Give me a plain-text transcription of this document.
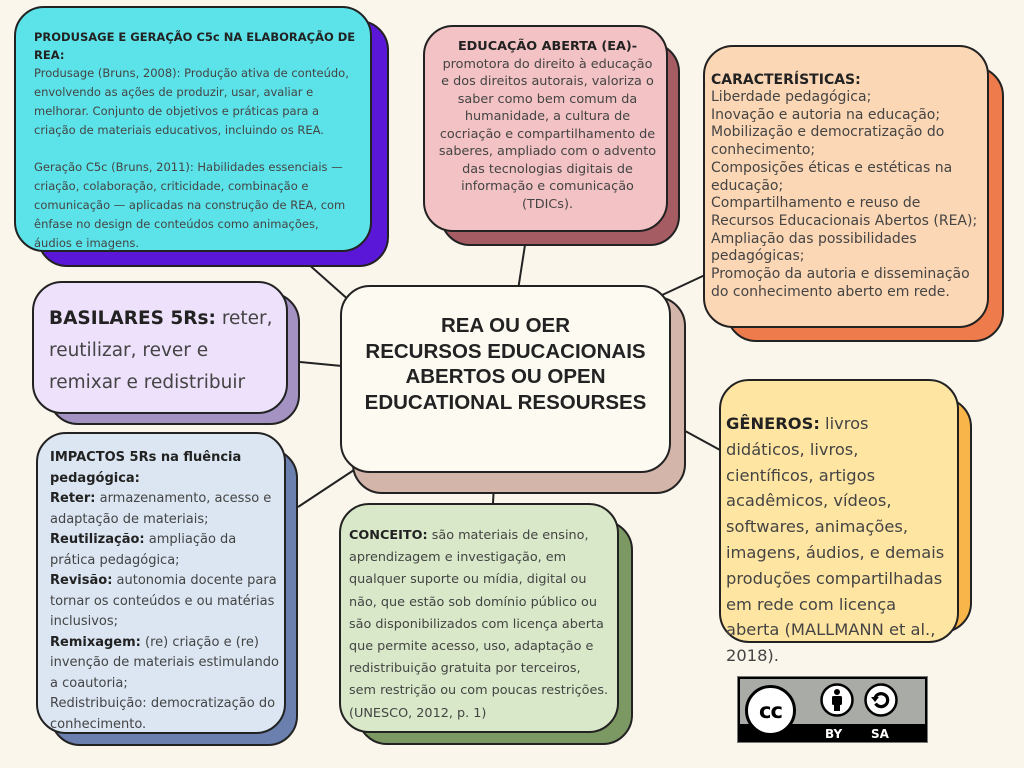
PRODUSAGE E GERAÇÃO C5c NA ELABORAÇÃO DE REA:

Produsage (Bruns, 2008): Produção ativa de conteúdo, envolvendo as ações de produzir, usar, avaliar e melhorar. Conjunto de objetivos e práticas para a criação de materiais educativos, incluindo os REA.

Geração C5c (Bruns, 2011): Habilidades essenciais — criação, colaboração, criticidade, combinação e comunicação — aplicadas na construção de REA, com ênfase no design de conteúdos como animações, áudios e imagens.

EDUCAÇÃO ABERTA (EA)- promotora do direito à educação e dos direitos autorais, valoriza o saber como bem comum da humanidade, a cultura de cocriação e compartilhamento de saberes, ampliado com o advento das tecnologias digitais de informação e comunicação (TDICs).

CARACTERÍSTICAS:

Liberdade pedagógica;

Inovação e autoria na educação;

Mobilização e democratização do conhecimento;

Composições éticas e estéticas na educação;

Compartilhamento e reuso de Recursos Educacionais Abertos (REA);

Ampliação das possibilidades pedagógicas;

Promoção da autoria e disseminação do conhecimento aberto em rede.

BASILARES 5Rs: reter, reutilizar, rever e remixar e redistribuir

REA OU OER
RECURSOS EDUCACIONAIS
ABERTOS OU OPEN
EDUCATIONAL RESOURSES

GÊNEROS: livros didáticos, livros, científicos, artigos acadêmicos, vídeos, softwares, animações, imagens, áudios, e demais produções compartilhadas em rede com licença aberta (MALLMANN et al., 2018).

IMPACTOS 5Rs na fluência pedagógica:

Reter: armazenamento, acesso e adaptação de materiais;

Reutilização: ampliação da prática pedagógica;

Revisão: autonomia docente para tornar os conteúdos e ou matérias inclusivos;

Remixagem: (re) criação e (re) invenção de materiais estimulando a coautoria;

Redistribuição: democratização do conhecimento.

CONCEITO: são materiais de ensino, aprendizagem e investigação, em qualquer suporte ou mídia, digital ou não, que estão sob domínio público ou são disponibilizados com licença aberta que permite acesso, uso, adaptação e redistribuição gratuita por terceiros, sem restrição ou com poucas restrições. (UNESCO, 2012, p. 1)	cc
BY SA
